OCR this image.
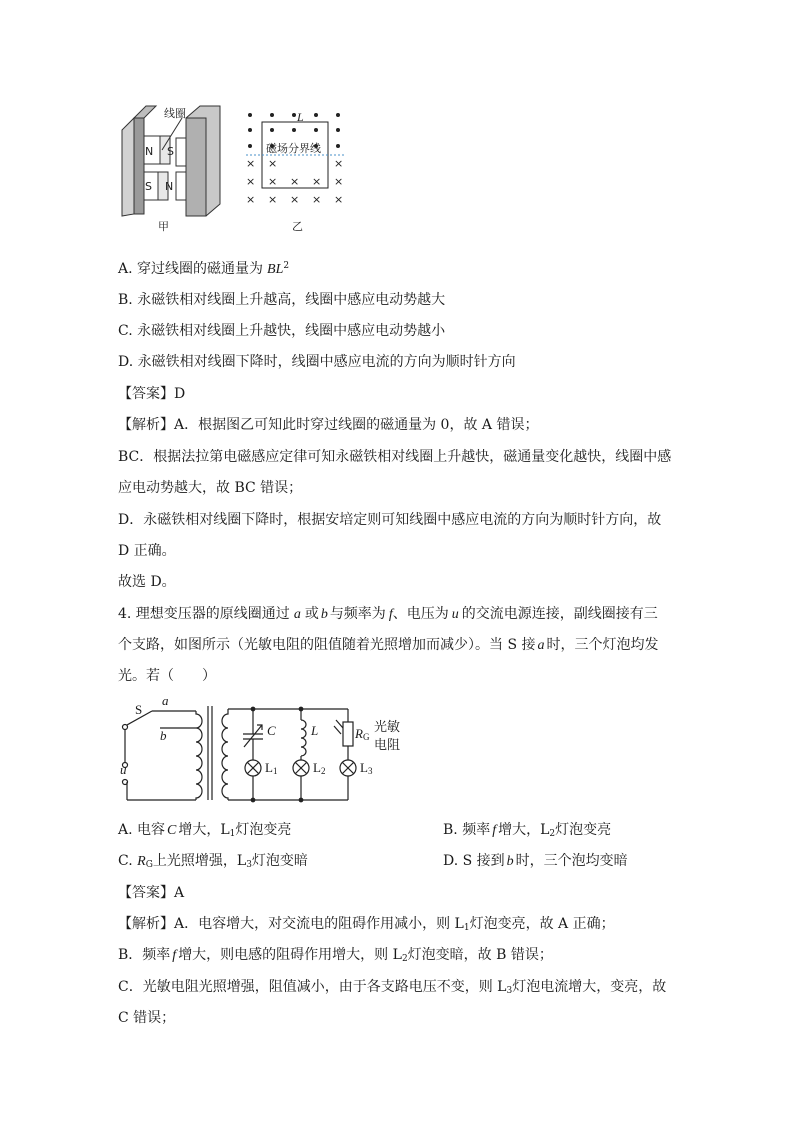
线圈
N S
S N
甲
× ×	×
× × × × ×
× × × × ×
L
磁场分界线
乙
A. 穿过线圈的磁通量为 $BL^2$
B. 永磁铁相对线圈上升越高，线圈中感应电动势越大
C. 永磁铁相对线圈上升越快，线圈中感应电动势越小
D. 永磁铁相对线圈下降时，线圈中感应电流的方向为顺时针方向
【答案】D
【解析】A．根据图乙可知此时穿过线圈的磁通量为 0，故 A 错误；
BC．根据法拉第电磁感应定律可知永磁铁相对线圈上升越快，磁通量变化越快，线圈中感
应电动势越大，故 BC 错误；
D．永磁铁相对线圈下降时，根据安培定则可知线圈中感应电流的方向为顺时针方向，故
D 正确。
故选 D。
4. 理想变压器的原线圈通过 a 或 b 与频率为 f、电压为 u 的交流电源连接，副线圈接有三
个支路，如图所示（光敏电阻的阻值随着光照增加而减少）。当 S 接 a 时，三个灯泡均发
光。若（　　）
S
a
b
u
C	L	$R_G$
光敏
电阻
$L_1$	$L_2$	$L_3$
A. 电容 C 增大，$L_1$灯泡变亮	B. 频率 f 增大，$L_2$灯泡变亮
C. $R_G$上光照增强，$L_3$灯泡变暗	D. S 接到 b 时，三个泡均变暗
【答案】A
【解析】A．电容增大，对交流电的阻碍作用减小，则 $L_1$灯泡变亮，故 A 正确；
B．频率 f 增大，则电感的阻碍作用增大，则 $L_2$灯泡变暗，故 B 错误；
C．光敏电阻光照增强，阻值减小，由于各支路电压不变，则 $L_3$灯泡电流增大，变亮，故
C 错误；
